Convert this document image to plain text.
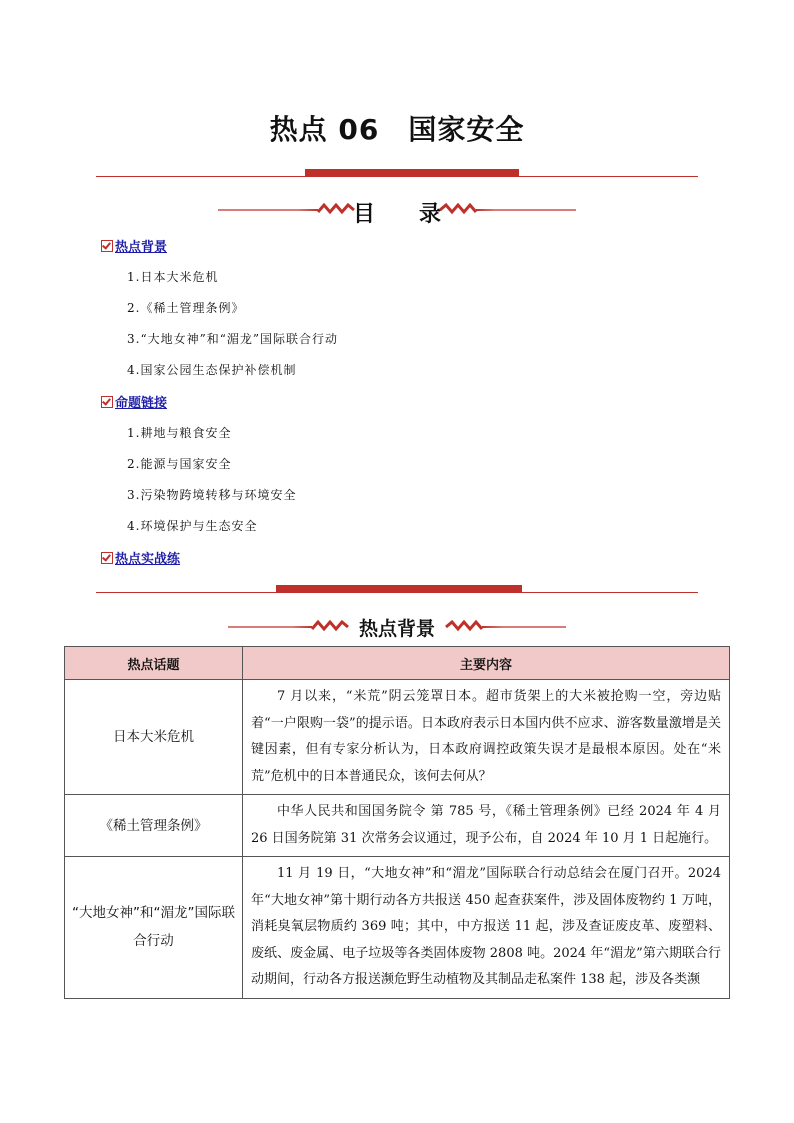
热点 06　国家安全
目　　录
热点背景
1.日本大米危机
2.《稀土管理条例》
3.“大地女神”和“湄龙”国际联合行动
4.国家公园生态保护补偿机制
命题链接
1.耕地与粮食安全
2.能源与国家安全
3.污染物跨境转移与环境安全
4.环境保护与生态安全
热点实战练
热点背景
热点话题	主要内容
日本大米危机	7 月以来，“米荒”阴云笼罩日本。超市货架上的大米被抢购一空，旁边贴着“一户限购一袋”的提示语。日本政府表示日本国内供不应求、游客数量激增是关键因素，但有专家分析认为，日本政府调控政策失误才是最根本原因。处在“米荒”危机中的日本普通民众，该何去何从？

《稀土管理条例》	中华人民共和国国务院令 第 785 号，《稀土管理条例》已经 2024 年 4 月 26 日国务院第 31 次常务会议通过，现予公布，自 2024 年 10 月 1 日起施行。

“大地女神”和“湄龙”国际联合行动	11 月 19 日，“大地女神”和“湄龙”国际联合行动总结会在厦门召开。2024 年“大地女神”第十期行动各方共报送 450 起查获案件，涉及固体废物约 1 万吨，消耗臭氧层物质约 369 吨；其中，中方报送 11 起，涉及查证废皮革、废塑料、废纸、废金属、电子垃圾等各类固体废物 2808 吨。2024 年“湄龙”第六期联合行动期间，行动各方报送濒危野生动植物及其制品走私案件 138 起，涉及各类濒
